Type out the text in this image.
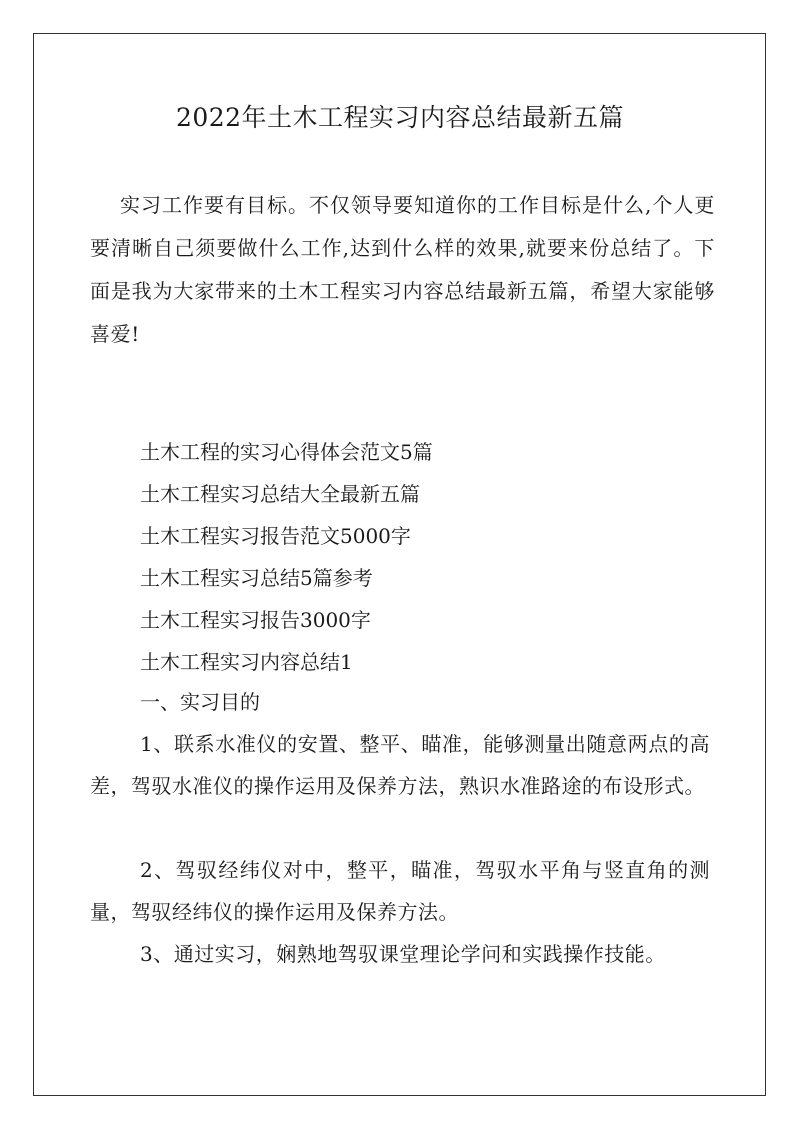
2022年土木工程实习内容总结最新五篇

实习工作要有目标。不仅领导要知道你的工作目标是什么,个人更要清晰自己须要做什么工作,达到什么样的效果,就要来份总结了。下面是我为大家带来的土木工程实习内容总结最新五篇，希望大家能够喜爱!

土木工程的实习心得体会范文5篇
土木工程实习总结大全最新五篇
土木工程实习报告范文5000字
土木工程实习总结5篇参考
土木工程实习报告3000字
土木工程实习内容总结1

一、实习目的

1、联系水准仪的安置、整平、瞄准，能够测量出随意两点的高差，驾驭水准仪的操作运用及保养方法，熟识水准路途的布设形式。

2、驾驭经纬仪对中，整平，瞄准，驾驭水平角与竖直角的测量，驾驭经纬仪的操作运用及保养方法。

3、通过实习，娴熟地驾驭课堂理论学问和实践操作技能。
